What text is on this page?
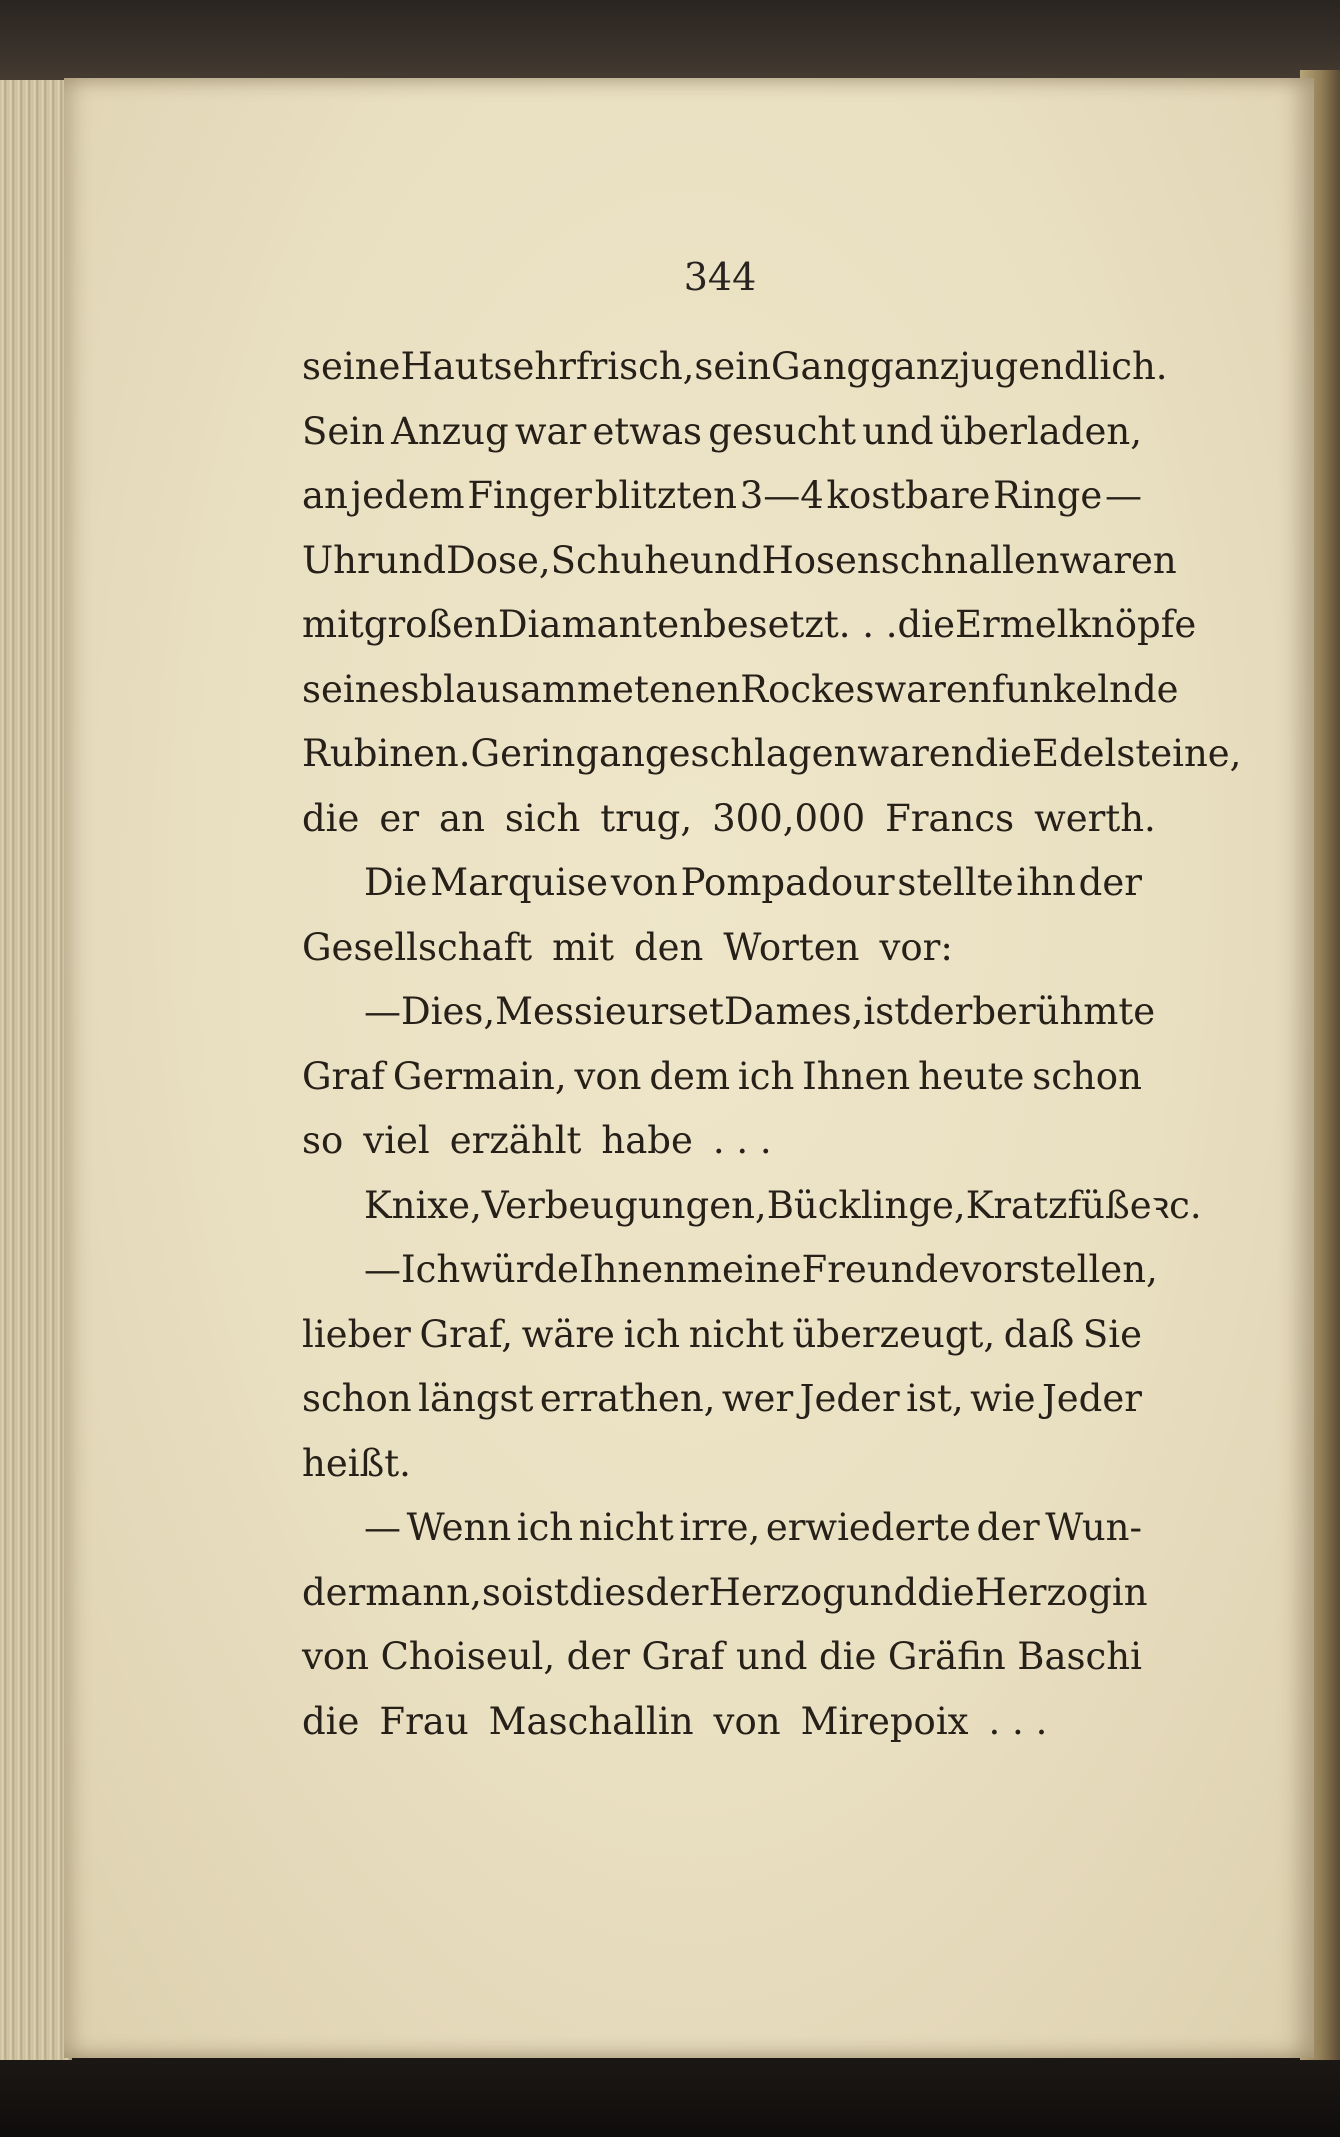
344
seine Haut sehr frisch, sein Gang ganz jugendlich.
Sein Anzug war etwas gesucht und überladen,
an jedem Finger blitzten 3—4 kostbare Ringe —
Uhr und Dose, Schuhe und Hosenschnallen waren
mit großen Diamanten besetzt . . . die Ermelknöpfe
seines blausammetenen Rockes waren funkelnde
Rubinen. Gering angeschlagen waren die Edelsteine,
die er an sich trug, 300,000 Francs werth.
Die Marquise von Pompadour stellte ihn der
Gesellschaft mit den Worten vor:
— Dies, Messieurs et Dames, ist der berühmte
Graf Germain, von dem ich Ihnen heute schon
so viel erzählt habe . . .
Knixe, Verbeugungen, Bücklinge, Kratzfüße ꝛc.
— Ich würde Ihnen meine Freunde vorstellen,
lieber Graf, wäre ich nicht überzeugt, daß Sie
schon längst errathen, wer Jeder ist, wie Jeder
heißt.
— Wenn ich nicht irre, erwiederte der Wun-
dermann, so ist dies der Herzog und die Herzogin
von Choiseul, der Graf und die Gräfin Baschi
die Frau Maschallin von Mirepoix . . .
